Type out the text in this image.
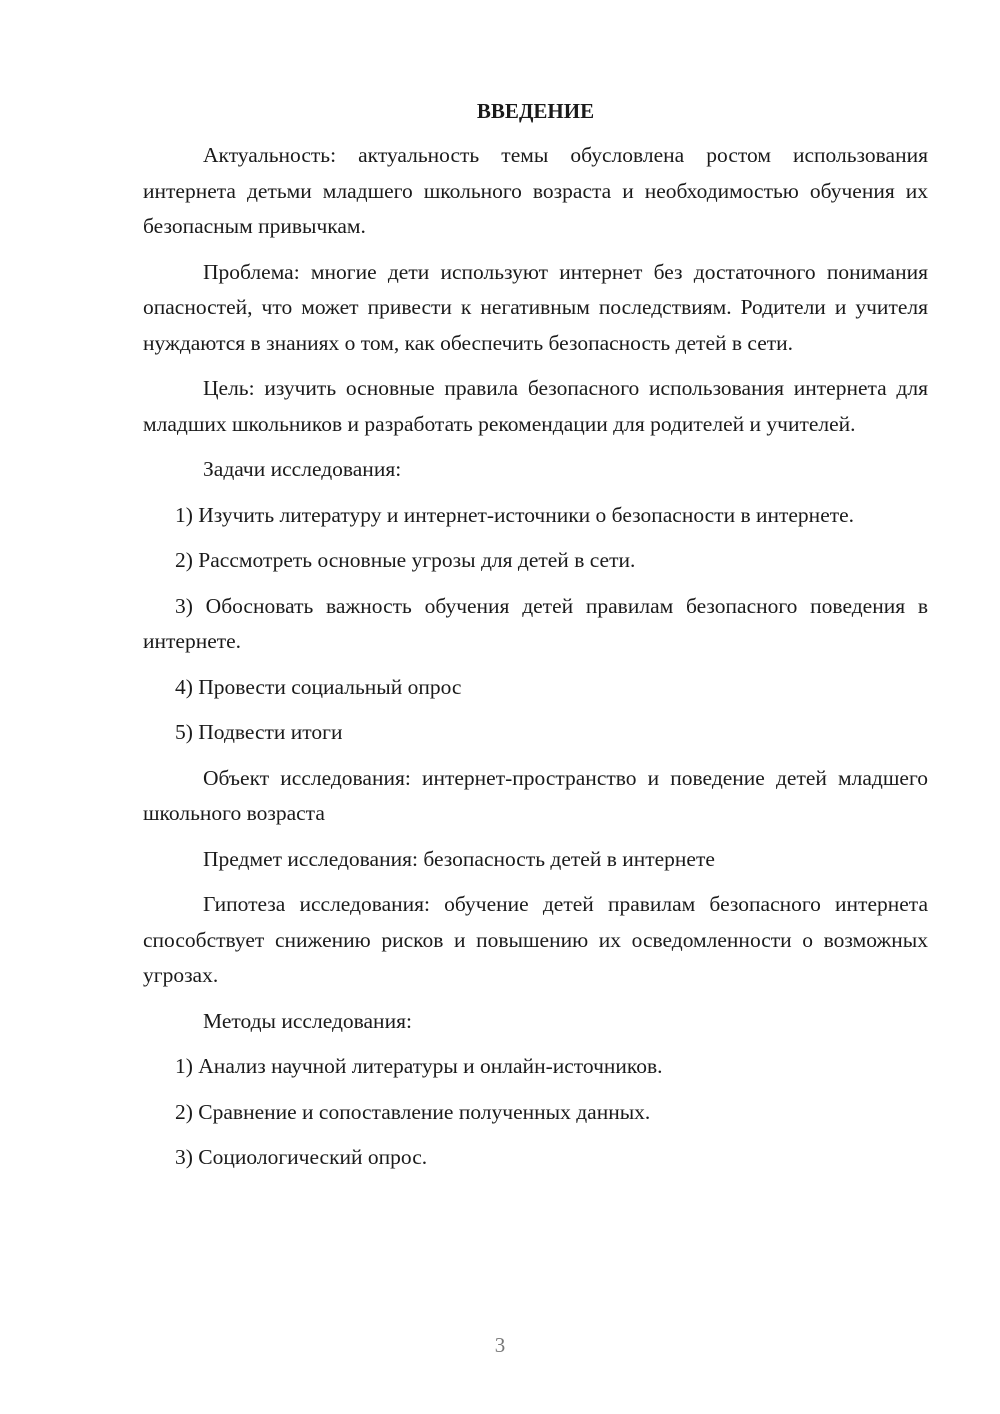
ВВЕДЕНИЕ

Актуальность: актуальность темы обусловлена ростом использования интернета детьми младшего школьного возраста и необходимостью обучения их безопасным привычкам.

Проблема: многие дети используют интернет без достаточного понимания опасностей, что может привести к негативным последствиям. Родители и учителя нуждаются в знаниях о том, как обеспечить безопасность детей в сети.

Цель: изучить основные правила безопасного использования интернета для младших школьников и разработать рекомендации для родителей и учителей.

Задачи исследования:

1) Изучить литературу и интернет-источники о безопасности в интернете.

2) Рассмотреть основные угрозы для детей в сети.

3) Обосновать важность обучения детей правилам безопасного поведения в интернете.

4) Провести социальный опрос

5) Подвести итоги

Объект исследования: интернет-пространство и поведение детей младшего школьного возраста

Предмет исследования: безопасность детей в интернете

Гипотеза исследования: обучение детей правилам безопасного интернета способствует снижению рисков и повышению их осведомленности о возможных угрозах.

Методы исследования:

1) Анализ научной литературы и онлайн-источников.

2) Сравнение и сопоставление полученных данных.

3) Социологический опрос.

3
